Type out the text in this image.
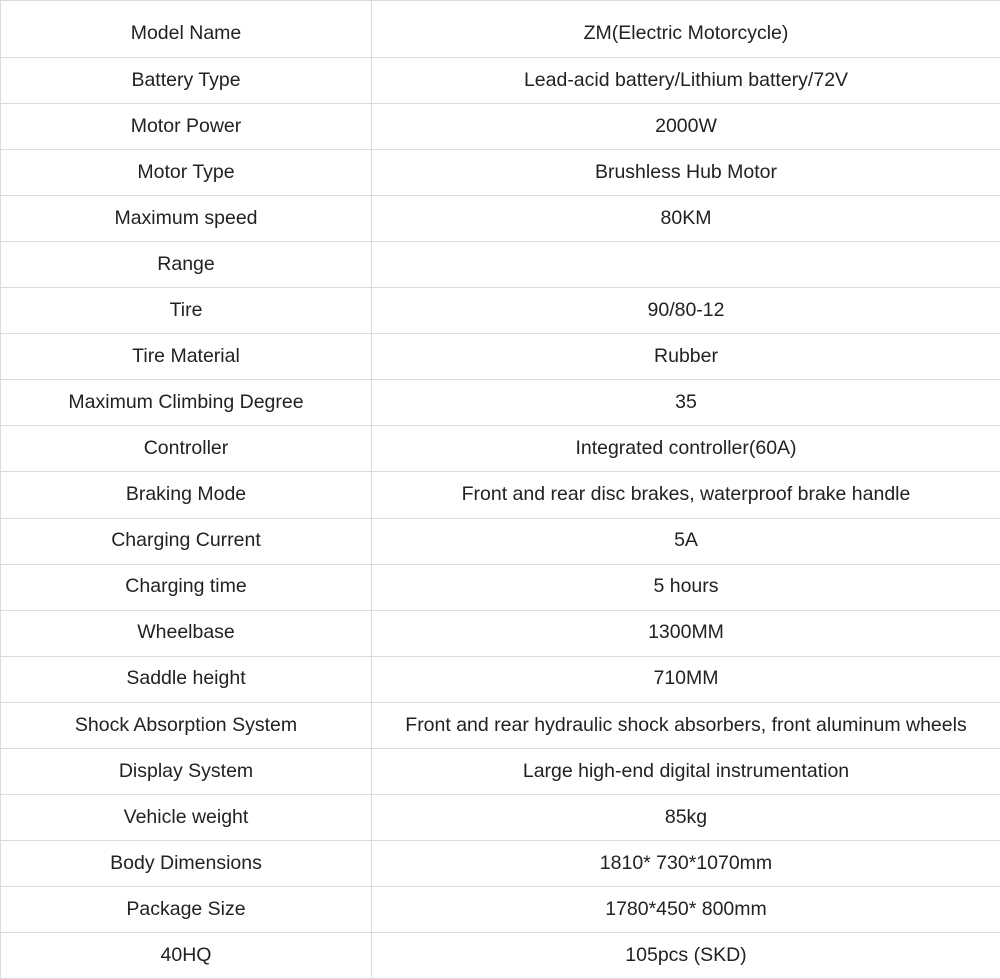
Model Name	ZM(Electric Motorcycle)
Battery Type	Lead-acid battery/Lithium battery/72V
Motor Power	2000W
Motor Type	Brushless Hub Motor
Maximum speed	80KM
Range	
Tire	90/80-12
Tire Material	Rubber
Maximum Climbing Degree	35
Controller	Integrated controller(60A)
Braking Mode	Front and rear disc brakes, waterproof brake handle
Charging Current	5A
Charging time	5 hours
Wheelbase	1300MM
Saddle height	710MM
Shock Absorption System	Front and rear hydraulic shock absorbers, front aluminum wheels
Display System	Large high-end digital instrumentation
Vehicle weight	85kg
Body Dimensions	1810* 730*1070mm
Package Size	1780*450* 800mm
40HQ	105pcs (SKD)
